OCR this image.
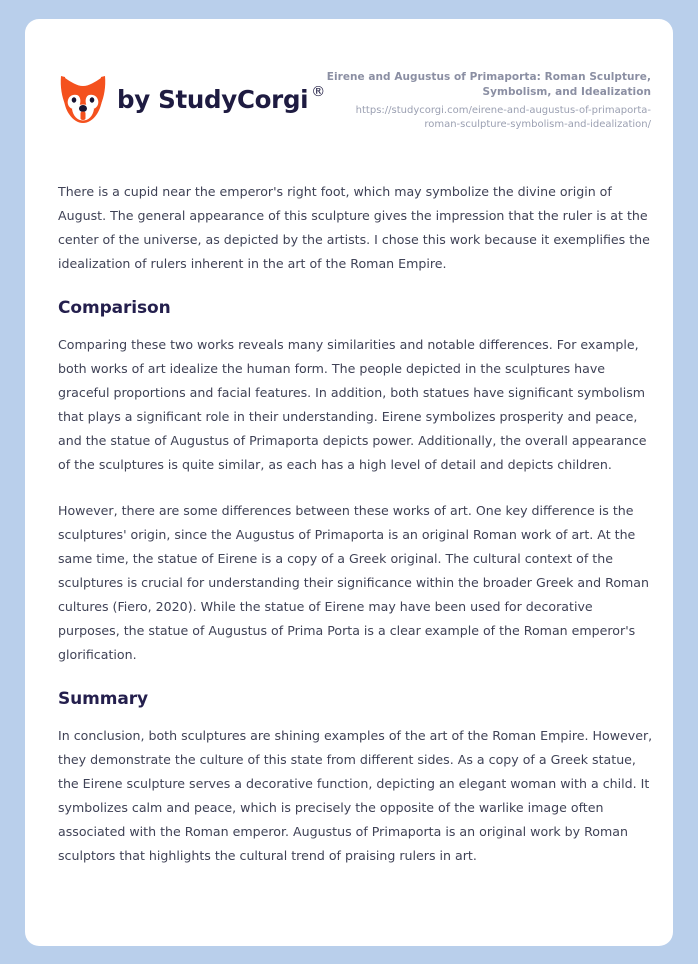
by StudyCorgi ®
Eirene and Augustus of Primaporta: Roman Sculpture, Symbolism, and Idealization
https://studycorgi.com/eirene-and-augustus-of-primaporta-roman-sculpture-symbolism-and-idealization/

There is a cupid near the emperor's right foot, which may symbolize the divine origin of August. The general appearance of this sculpture gives the impression that the ruler is at the center of the universe, as depicted by the artists. I chose this work because it exemplifies the idealization of rulers inherent in the art of the Roman Empire.

Comparison

Comparing these two works reveals many similarities and notable differences. For example, both works of art idealize the human form. The people depicted in the sculptures have graceful proportions and facial features. In addition, both statues have significant symbolism that plays a significant role in their understanding. Eirene symbolizes prosperity and peace, and the statue of Augustus of Primaporta depicts power. Additionally, the overall appearance of the sculptures is quite similar, as each has a high level of detail and depicts children.

However, there are some differences between these works of art. One key difference is the sculptures' origin, since the Augustus of Primaporta is an original Roman work of art. At the same time, the statue of Eirene is a copy of a Greek original. The cultural context of the sculptures is crucial for understanding their significance within the broader Greek and Roman cultures (Fiero, 2020). While the statue of Eirene may have been used for decorative purposes, the statue of Augustus of Prima Porta is a clear example of the Roman emperor's glorification.

Summary

In conclusion, both sculptures are shining examples of the art of the Roman Empire. However, they demonstrate the culture of this state from different sides. As a copy of a Greek statue, the Eirene sculpture serves a decorative function, depicting an elegant woman with a child. It symbolizes calm and peace, which is precisely the opposite of the warlike image often associated with the Roman emperor. Augustus of Primaporta is an original work by Roman sculptors that highlights the cultural trend of praising rulers in art.
